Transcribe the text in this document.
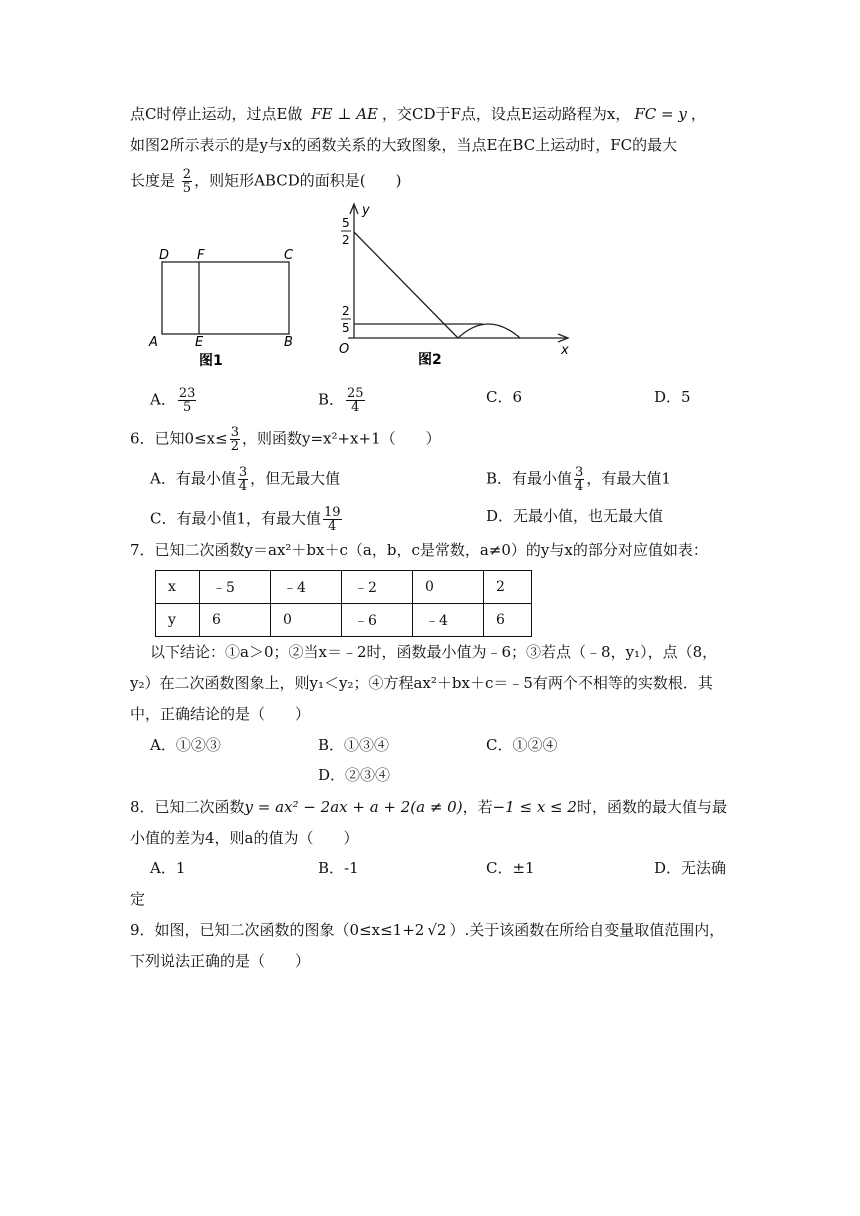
点C时停止运动，过点E做 FE ⊥ AE ，交CD于F点，设点E运动路程为x， FC = y ，
如图2所示表示的是y与x的函数关系的大致图象，当点E在BC上运动时，FC的最大
长度是 $\frac{2}{5}$ ，则矩形ABCD的面积是(　　)
D F	C
A	E	B
图1
y
x
O
5
2
2
5
图2
A． $\frac{23}{5}$	B． $\frac{25}{4}$	C．6	D．5
6．已知$0\le x\le \frac{3}{2}$ ，则函数y=x²+x+1（　　）
A．有最小值 $\frac{3}{4}$ ，但无最大值	B．有最小值 $\frac{3}{4}$ ，有最大值1
C．有最小值1，有最大值 $\frac{19}{4}$	D．无最小值，也无最大值
7．已知二次函数y＝ax²＋bx＋c（a，b，c是常数，a≠0）的y与x的部分对应值如表：
x	﹣5	﹣4	﹣2	0	2
y	6	0	﹣6	﹣4	6
以下结论：①a＞0；②当x＝﹣2时，函数最小值为﹣6；③若点（﹣8，y₁），点（8，
y₂）在二次函数图象上，则y₁＜y₂；④方程ax²＋bx＋c＝﹣5有两个不相等的实数根．其
中，正确结论的是（　　）
A．①②③	B．①③④	C．①②④
D．②③④
8．已知二次函数y = ax² − 2ax + a + 2(a ≠ 0)，若−1 ≤ x ≤ 2时，函数的最大值与最
小值的差为4，则a的值为（　　）
A．1	B．-1	C．±1	D．无法确
定
9．如图，已知二次函数的图象（0≤x≤1+2 √2 ）.关于该函数在所给自变量取值范围内，
下列说法正确的是（　　）
